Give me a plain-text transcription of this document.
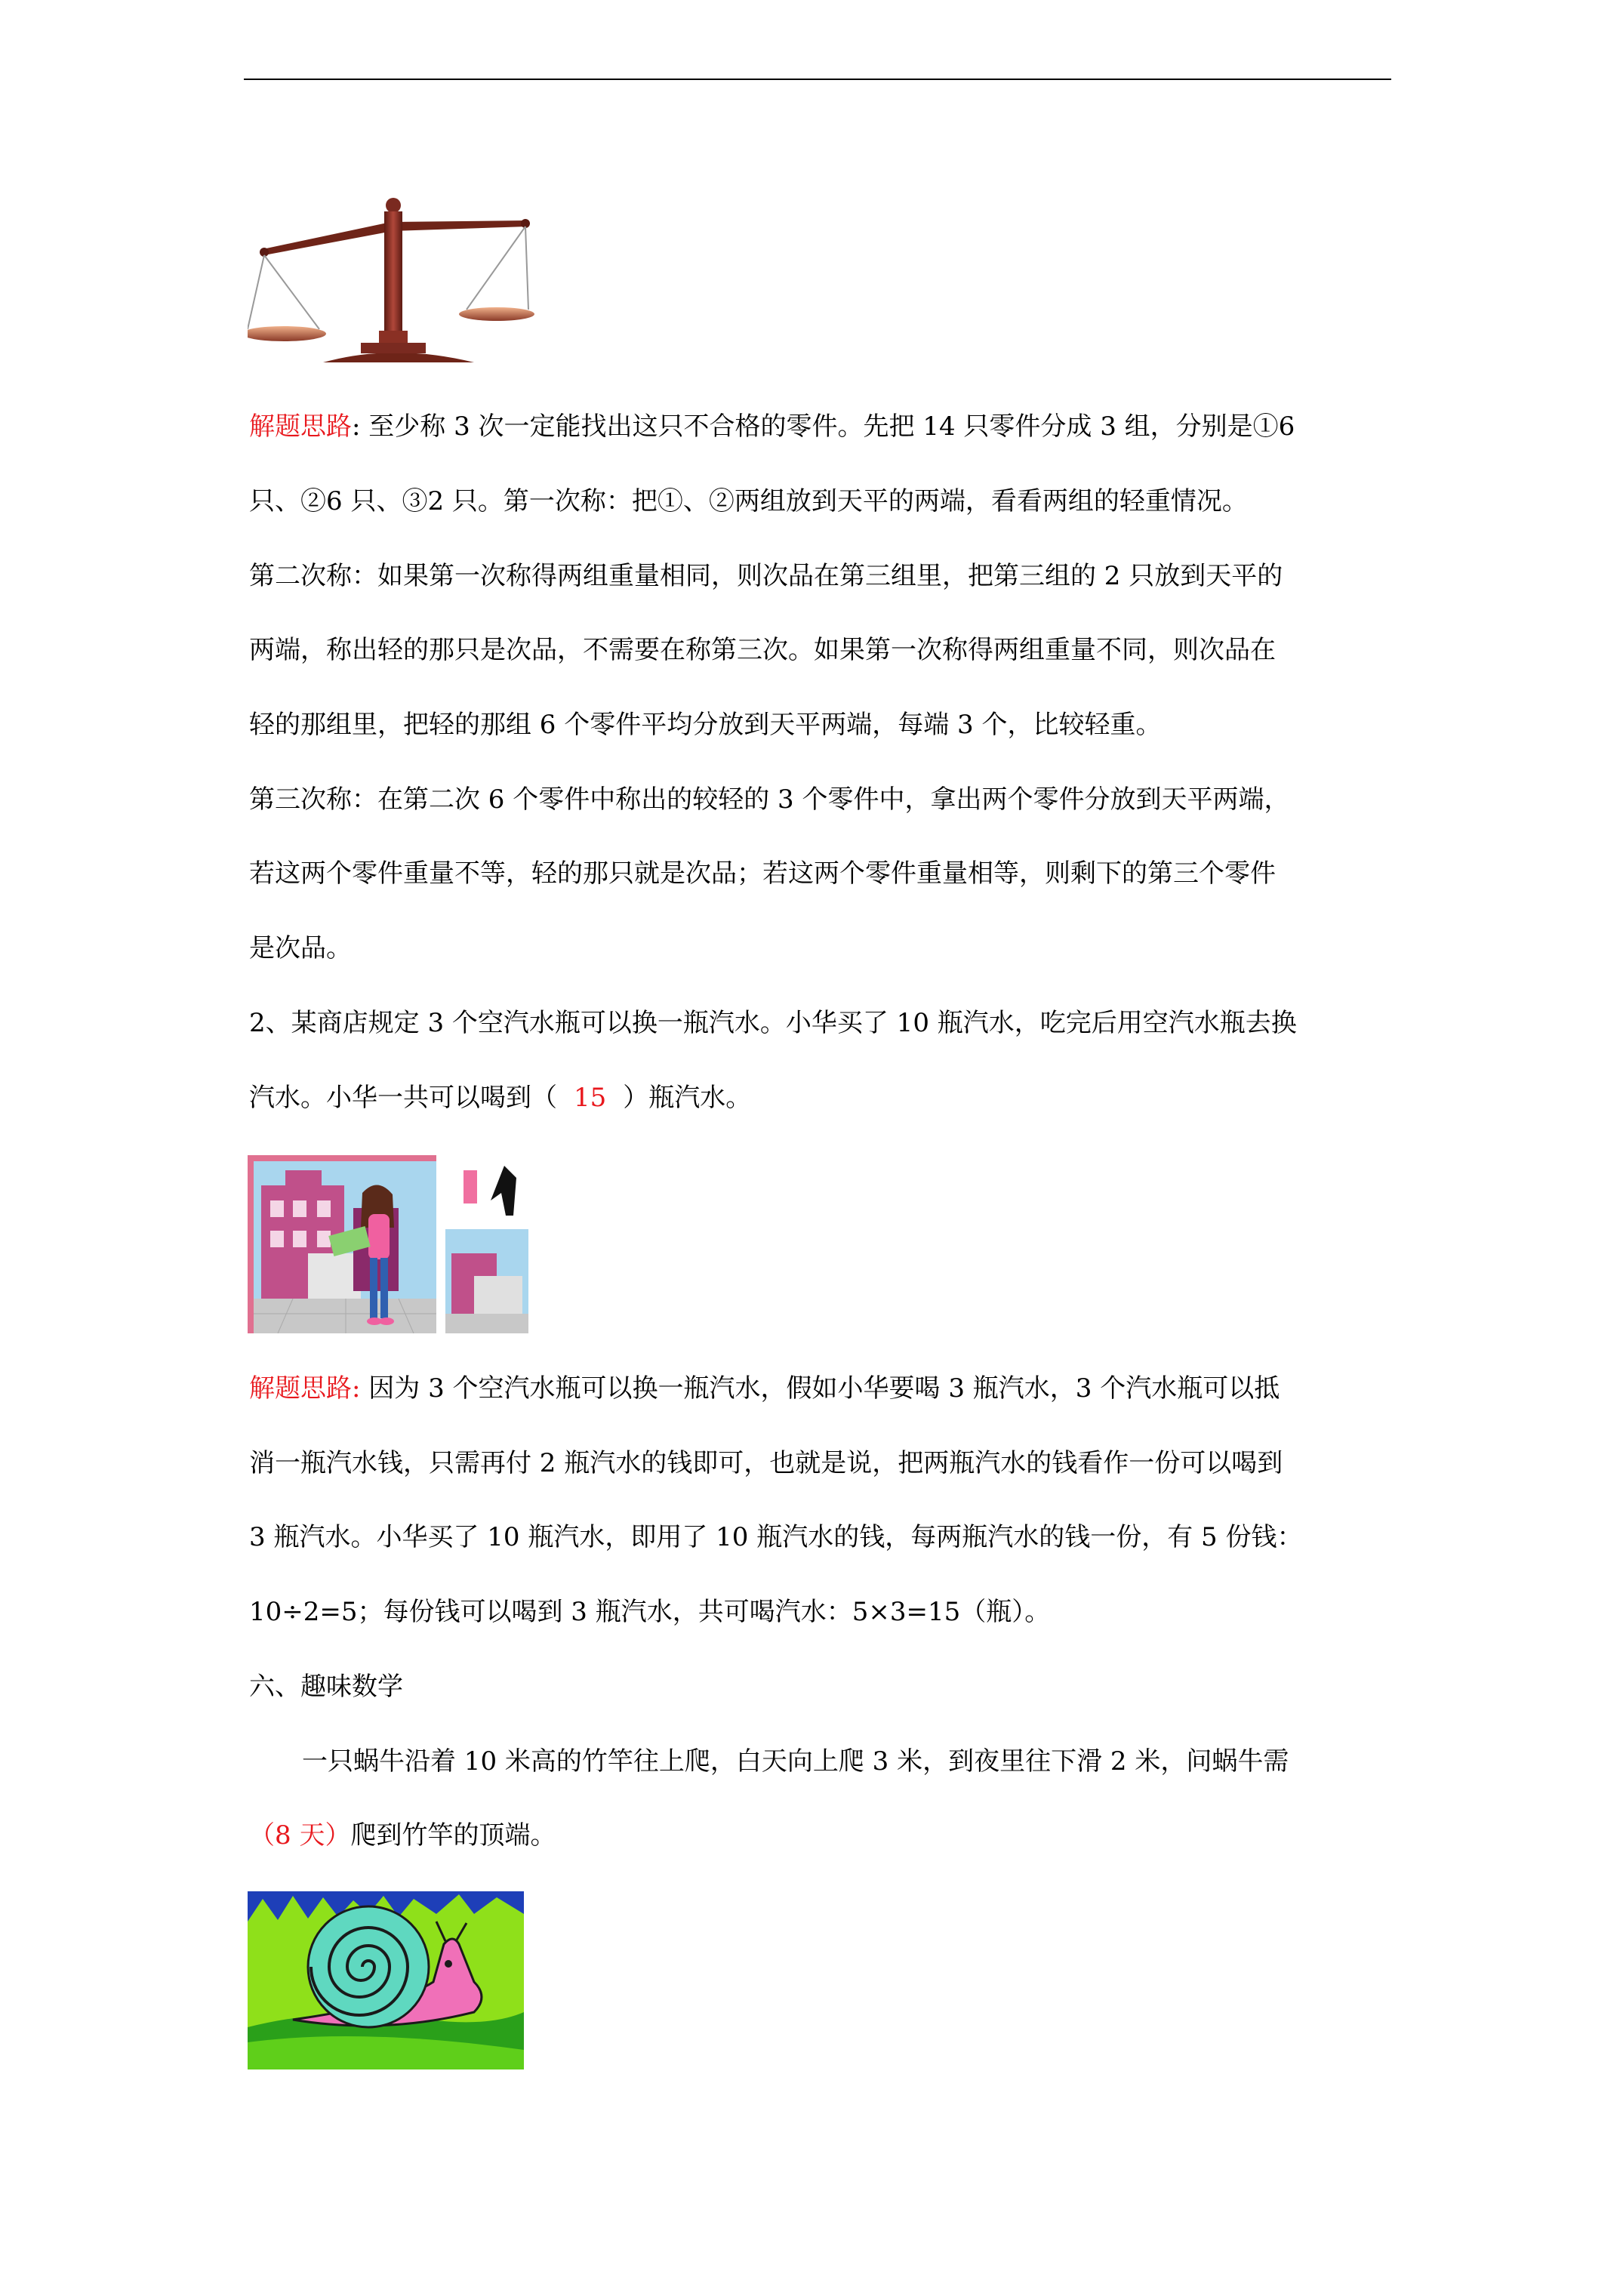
解题思路: 至少称 3 次一定能找出这只不合格的零件。先把 14 只零件分成 3 组，分别是①6
只、②6 只、③2 只。第一次称：把①、②两组放到天平的两端，看看两组的轻重情况。
第二次称：如果第一次称得两组重量相同，则次品在第三组里，把第三组的 2 只放到天平的
两端，称出轻的那只是次品，不需要在称第三次。如果第一次称得两组重量不同，则次品在
轻的那组里，把轻的那组 6 个零件平均分放到天平两端，每端 3 个，比较轻重。
第三次称：在第二次 6 个零件中称出的较轻的 3 个零件中，拿出两个零件分放到天平两端，
若这两个零件重量不等，轻的那只就是次品；若这两个零件重量相等，则剩下的第三个零件
是次品。
2、某商店规定 3 个空汽水瓶可以换一瓶汽水。小华买了 10 瓶汽水，吃完后用空汽水瓶去换
汽水。小华一共可以喝到（ 15 ）瓶汽水。
解题思路: 因为 3 个空汽水瓶可以换一瓶汽水，假如小华要喝 3 瓶汽水，3 个汽水瓶可以抵
消一瓶汽水钱，只需再付 2 瓶汽水的钱即可，也就是说，把两瓶汽水的钱看作一份可以喝到
3 瓶汽水。小华买了 10 瓶汽水，即用了 10 瓶汽水的钱，每两瓶汽水的钱一份，有 5 份钱：
10÷2=5；每份钱可以喝到 3 瓶汽水，共可喝汽水：5×3=15（瓶）。
六、趣味数学
一只蜗牛沿着 10 米高的竹竿往上爬，白天向上爬 3 米，到夜里往下滑 2 米，问蜗牛需
（8 天）爬到竹竿的顶端。
